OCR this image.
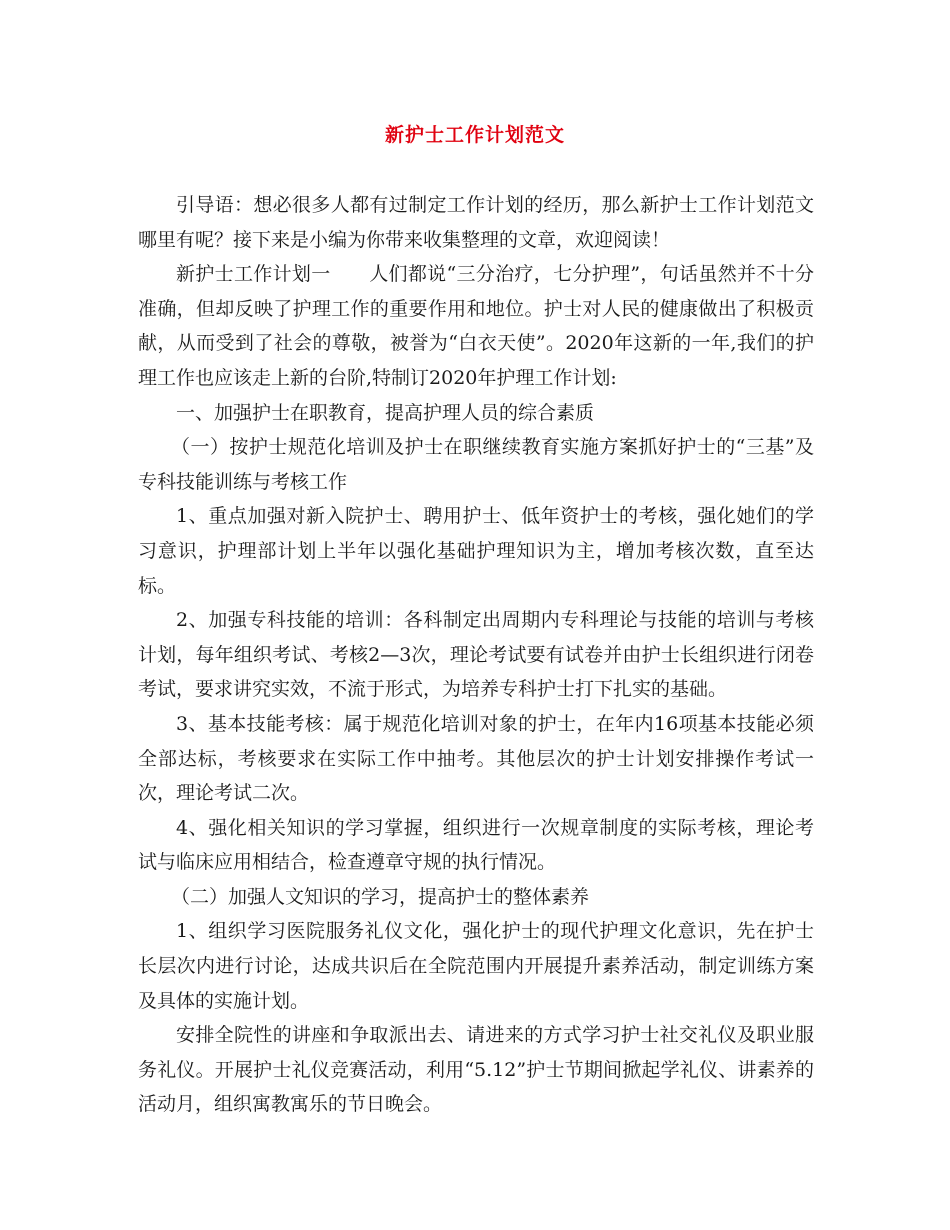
新护士工作计划范文

引导语：想必很多人都有过制定工作计划的经历，那么新护士工作计划范文哪里有呢？接下来是小编为你带来收集整理的文章，欢迎阅读！

新护士工作计划一　　人们都说“三分治疗，七分护理”，句话虽然并不十分准确，但却反映了护理工作的重要作用和地位。护士对人民的健康做出了积极贡献，从而受到了社会的尊敬，被誉为“白衣天使”。2020年这新的一年,我们的护理工作也应该走上新的台阶,特制订2020年护理工作计划:

一、加强护士在职教育，提高护理人员的综合素质

（一）按护士规范化培训及护士在职继续教育实施方案抓好护士的“三基”及专科技能训练与考核工作

1、重点加强对新入院护士、聘用护士、低年资护士的考核，强化她们的学习意识，护理部计划上半年以强化基础护理知识为主，增加考核次数，直至达标。

2、加强专科技能的培训：各科制定出周期内专科理论与技能的培训与考核计划，每年组织考试、考核2—3次，理论考试要有试卷并由护士长组织进行闭卷考试，要求讲究实效，不流于形式，为培养专科护士打下扎实的基础。

3、基本技能考核：属于规范化培训对象的护士，在年内16项基本技能必须全部达标，考核要求在实际工作中抽考。其他层次的护士计划安排操作考试一次，理论考试二次。

4、强化相关知识的学习掌握，组织进行一次规章制度的实际考核，理论考试与临床应用相结合，检查遵章守规的执行情况。

（二）加强人文知识的学习，提高护士的整体素养

1、组织学习医院服务礼仪文化，强化护士的现代护理文化意识，先在护士长层次内进行讨论，达成共识后在全院范围内开展提升素养活动，制定训练方案及具体的实施计划。

安排全院性的讲座和争取派出去、请进来的方式学习护士社交礼仪及职业服务礼仪。开展护士礼仪竞赛活动，利用“5.12”护士节期间掀起学礼仪、讲素养的活动月，组织寓教寓乐的节日晚会。
